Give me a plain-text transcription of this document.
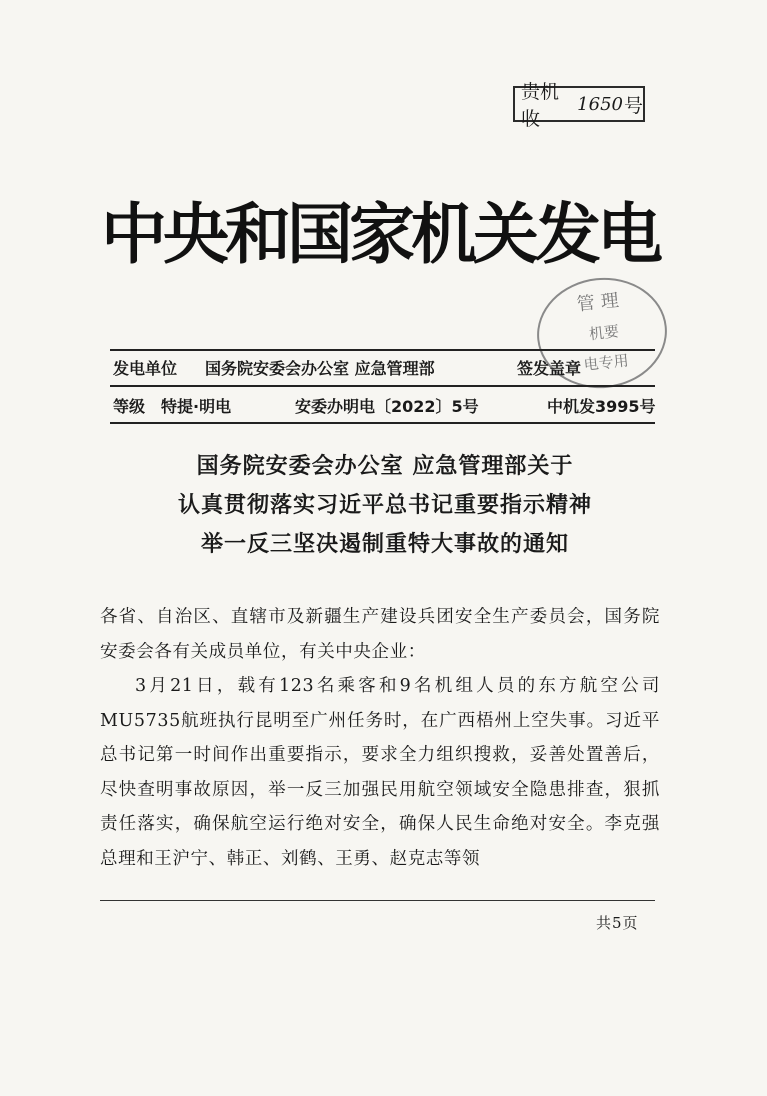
贵机收
1650 号
中央和国家机关发电
管理
机要
电专用
发电单位 国务院安委会办公室 应急管理部	签发盖章
等级 特提·明电	安委办明电〔2022〕5号	中机发3995号
国务院安委会办公室 应急管理部关于
认真贯彻落实习近平总书记重要指示精神
举一反三坚决遏制重特大事故的通知

各省、自治区、直辖市及新疆生产建设兵团安全生产委员会，国务院安委会各有关成员单位，有关中央企业：

3月21日，载有123名乘客和9名机组人员的东方航空公司MU5735航班执行昆明至广州任务时，在广西梧州上空失事。习近平总书记第一时间作出重要指示，要求全力组织搜救，妥善处置善后，尽快查明事故原因，举一反三加强民用航空领域安全隐患排查，狠抓责任落实，确保航空运行绝对安全，确保人民生命绝对安全。李克强总理和王沪宁、韩正、刘鹤、王勇、赵克志等领

共5页
